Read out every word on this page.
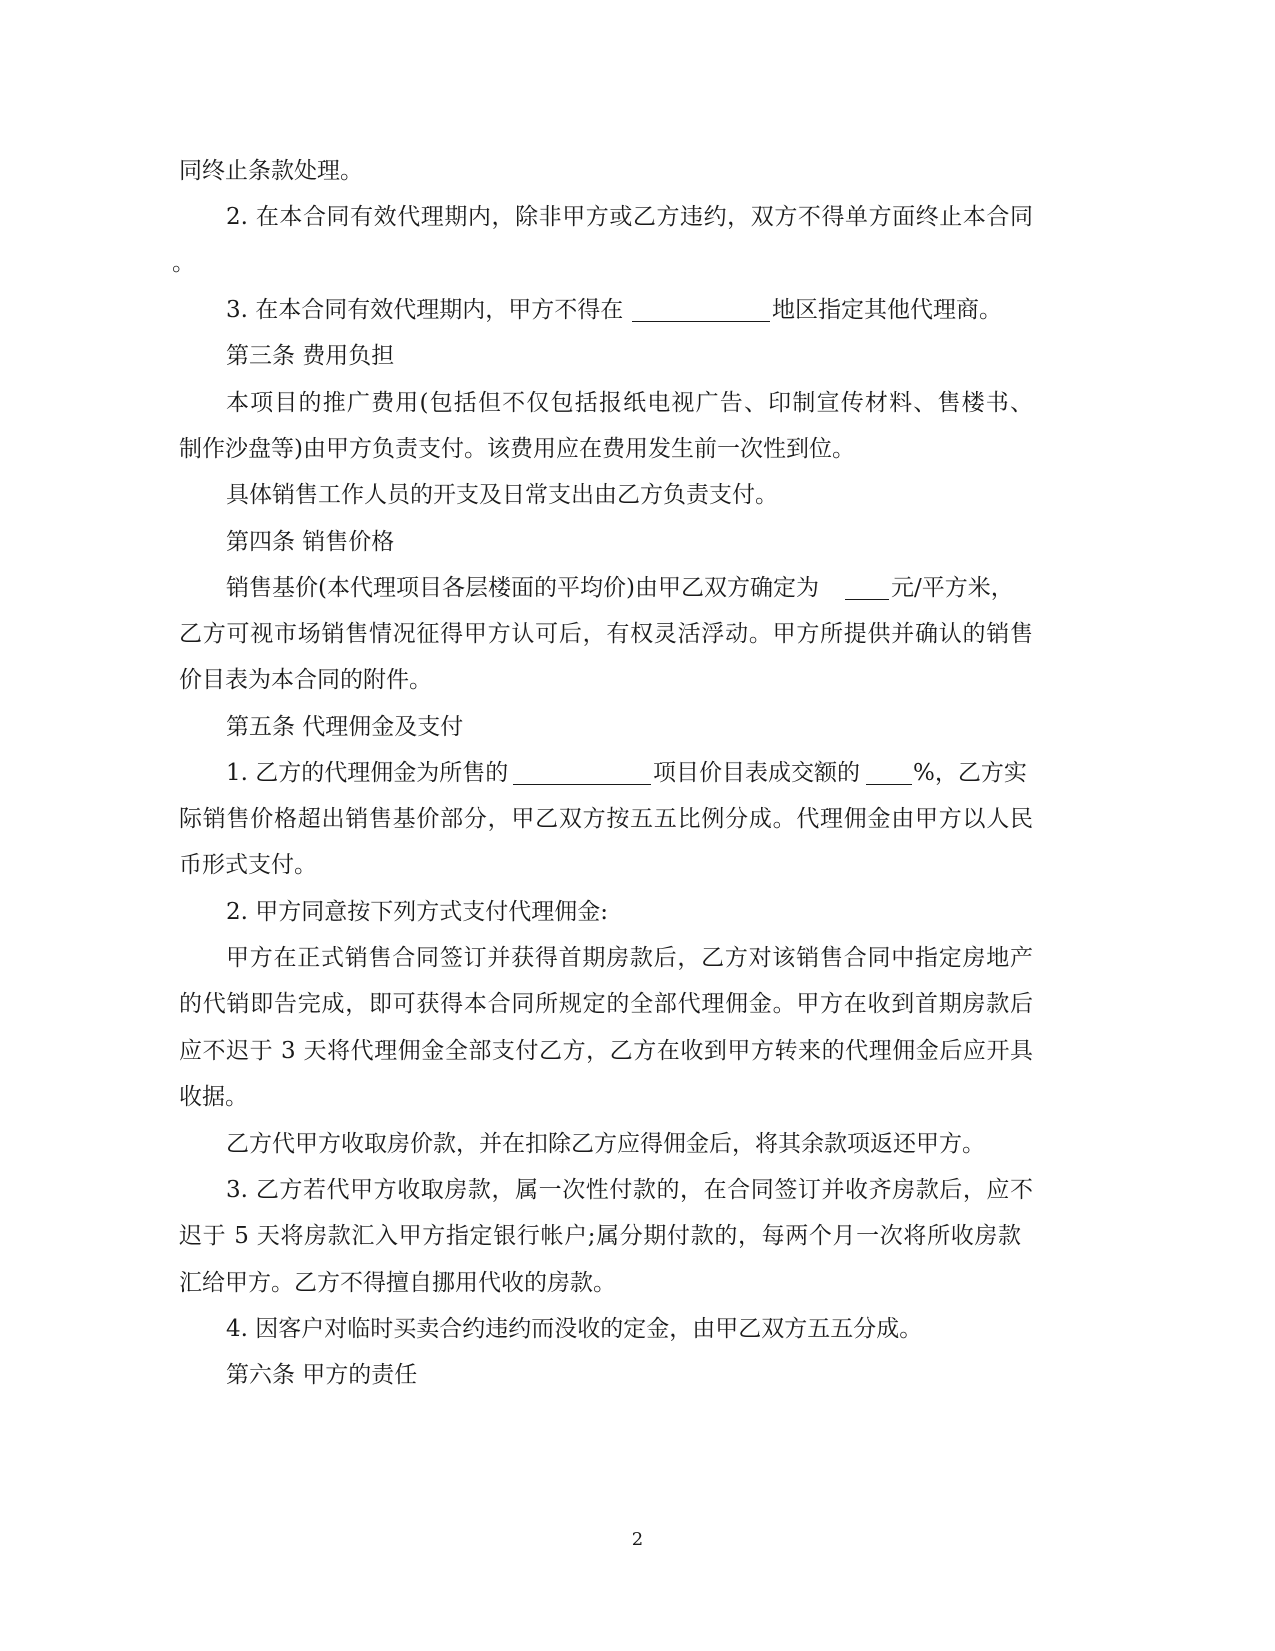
同终止条款处理。
2. 在本合同有效代理期内，除非甲方或乙方违约，双方不得单方面终止本合同
。
3. 在本合同有效代理期内，甲方不得在	地区指定其他代理商。
第三条 费用负担
本项目的推广费用(包括但不仅包括报纸电视广告、印制宣传材料、售楼书、
制作沙盘等)由甲方负责支付。该费用应在费用发生前一次性到位。
具体销售工作人员的开支及日常支出由乙方负责支付。
第四条 销售价格
销售基价(本代理项目各层楼面的平均价)由甲乙双方确定为	元/平方米，
乙方可视市场销售情况征得甲方认可后，有权灵活浮动。甲方所提供并确认的销售
价目表为本合同的附件。
第五条 代理佣金及支付
1. 乙方的代理佣金为所售的	项目价目表成交额的 %，乙方实
际销售价格超出销售基价部分，甲乙双方按五五比例分成。代理佣金由甲方以人民
币形式支付。
2. 甲方同意按下列方式支付代理佣金:
甲方在正式销售合同签订并获得首期房款后，乙方对该销售合同中指定房地产
的代销即告完成，即可获得本合同所规定的全部代理佣金。甲方在收到首期房款后
应不迟于 3 天将代理佣金全部支付乙方，乙方在收到甲方转来的代理佣金后应开具
收据。
乙方代甲方收取房价款，并在扣除乙方应得佣金后，将其余款项返还甲方。
3. 乙方若代甲方收取房款，属一次性付款的，在合同签订并收齐房款后，应不
迟于 5 天将房款汇入甲方指定银行帐户;属分期付款的，每两个月一次将所收房款
汇给甲方。乙方不得擅自挪用代收的房款。
4. 因客户对临时买卖合约违约而没收的定金，由甲乙双方五五分成。
第六条 甲方的责任
2
